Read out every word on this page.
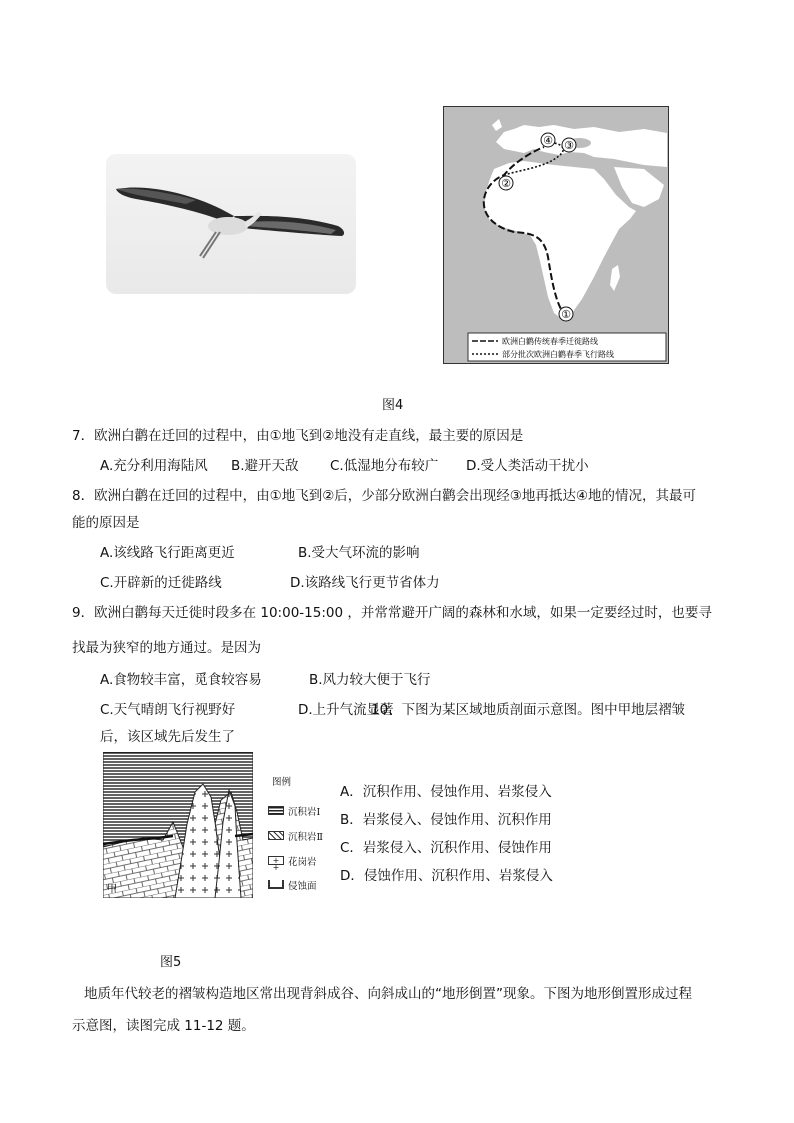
①
②
③
④
欧洲白鹳传统春季迁徙路线
部分批次欧洲白鹳春季飞行路线
图4
7．欧洲白鹳在迁回的过程中，由①地飞到②地没有走直线，最主要的原因是
A.充分利用海陆风 B.避开天敌 C.低湿地分布较广 D.受人类活动干扰小
8．欧洲白鹳在迁回的过程中，由①地飞到②后，少部分欧洲白鹳会出现经③地再抵达④地的情况，其最可
能的原因是
A.该线路飞行距离更近	B.受大气环流的影响
C.开辟新的迁徙路线	D.该路线飞行更节省体力
9．欧洲白鹳每天迁徙时段多在 10:00-15:00 ，并常常避开广阔的森林和水域，如果一定要经过时，也要寻
找最为狭窄的地方通过。是因为
A.食物较丰富，觅食较容易	B.风力较大便于飞行
C.天气晴朗飞行视野好	D.上升气流显著
10、下图为某区域地质剖面示意图。图中甲地层褶皱
后，该区域先后发生了
甲
图例
沉积岩Ⅰ
沉积岩Ⅱ
+ + 花岗岩
侵蚀面
A．沉积作用、侵蚀作用、岩浆侵入
B．岩浆侵入、侵蚀作用、沉积作用
C．岩浆侵入、沉积作用、侵蚀作用
D．侵蚀作用、沉积作用、岩浆侵入
图5
地质年代较老的褶皱构造地区常出现背斜成谷、向斜成山的“地形倒置”现象。下图为地形倒置形成过程
示意图，读图完成 11-12 题。
